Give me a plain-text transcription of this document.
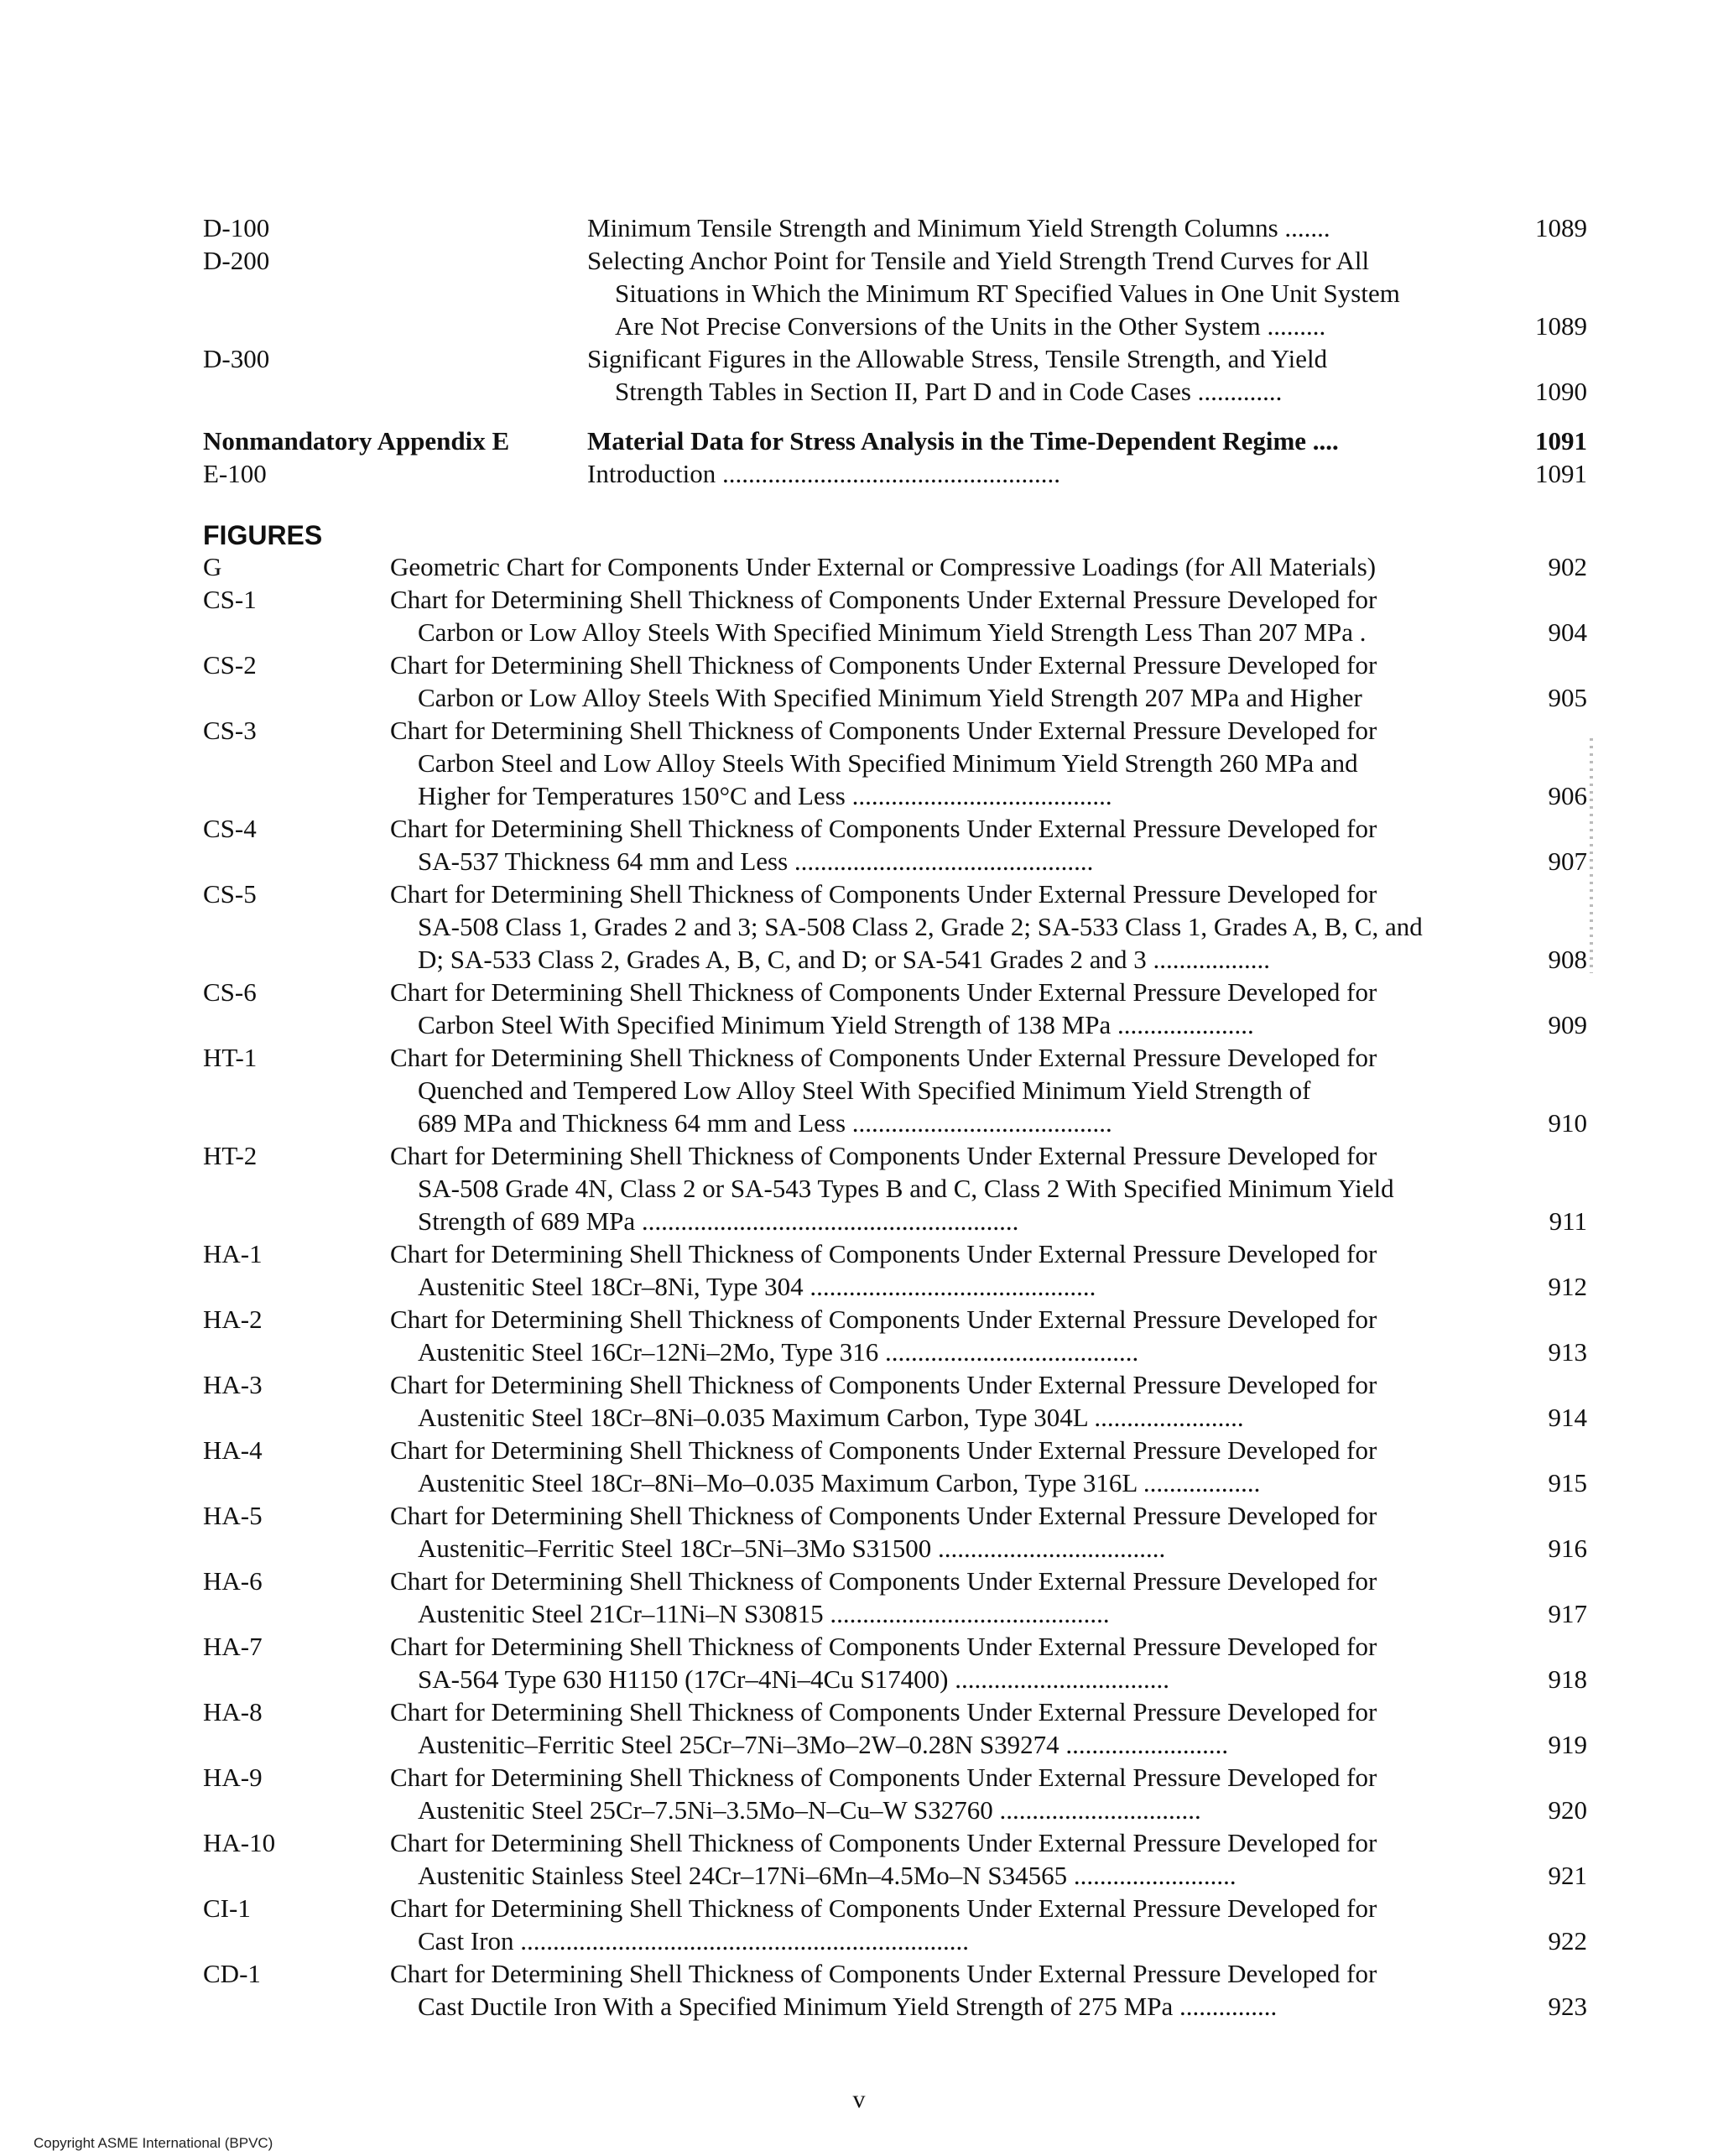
D-100	Minimum Tensile Strength and Minimum Yield Strength Columns .......	1089
D-200	Selecting Anchor Point for Tensile and Yield Strength Trend Curves for All
Situations in Which the Minimum RT Specified Values in One Unit System
Are Not Precise Conversions of the Units in the Other System .........	1089
D-300	Significant Figures in the Allowable Stress, Tensile Strength, and Yield
Strength Tables in Section II, Part D and in Code Cases .............	1090
Nonmandatory Appendix E	Material Data for Stress Analysis in the Time-Dependent Regime ....	1091
E-100	Introduction ....................................................	1091
FIGURES
G	Geometric Chart for Components Under External or Compressive Loadings (for All Materials)	902
CS-1	Chart for Determining Shell Thickness of Components Under External Pressure Developed for
Carbon or Low Alloy Steels With Specified Minimum Yield Strength Less Than 207 MPa .	904
CS-2	Chart for Determining Shell Thickness of Components Under External Pressure Developed for
Carbon or Low Alloy Steels With Specified Minimum Yield Strength 207 MPa and Higher	905
CS-3	Chart for Determining Shell Thickness of Components Under External Pressure Developed for
Carbon Steel and Low Alloy Steels With Specified Minimum Yield Strength 260 MPa and
Higher for Temperatures 150°C and Less ........................................	906
CS-4	Chart for Determining Shell Thickness of Components Under External Pressure Developed for
SA-537 Thickness 64 mm and Less ..............................................	907
CS-5	Chart for Determining Shell Thickness of Components Under External Pressure Developed for
SA-508 Class 1, Grades 2 and 3; SA-508 Class 2, Grade 2; SA-533 Class 1, Grades A, B, C, and
D; SA-533 Class 2, Grades A, B, C, and D; or SA-541 Grades 2 and 3 ..................	908
CS-6	Chart for Determining Shell Thickness of Components Under External Pressure Developed for
Carbon Steel With Specified Minimum Yield Strength of 138 MPa .....................	909
HT-1	Chart for Determining Shell Thickness of Components Under External Pressure Developed for
Quenched and Tempered Low Alloy Steel With Specified Minimum Yield Strength of
689 MPa and Thickness 64 mm and Less ........................................	910
HT-2	Chart for Determining Shell Thickness of Components Under External Pressure Developed for
SA-508 Grade 4N, Class 2 or SA-543 Types B and C, Class 2 With Specified Minimum Yield
Strength of 689 MPa ..........................................................	911
HA-1	Chart for Determining Shell Thickness of Components Under External Pressure Developed for
Austenitic Steel 18Cr–8Ni, Type 304 ............................................	912
HA-2	Chart for Determining Shell Thickness of Components Under External Pressure Developed for
Austenitic Steel 16Cr–12Ni–2Mo, Type 316 .......................................	913
HA-3	Chart for Determining Shell Thickness of Components Under External Pressure Developed for
Austenitic Steel 18Cr–8Ni–0.035 Maximum Carbon, Type 304L .......................	914
HA-4	Chart for Determining Shell Thickness of Components Under External Pressure Developed for
Austenitic Steel 18Cr–8Ni–Mo–0.035 Maximum Carbon, Type 316L ..................	915
HA-5	Chart for Determining Shell Thickness of Components Under External Pressure Developed for
Austenitic–Ferritic Steel 18Cr–5Ni–3Mo S31500 ...................................	916
HA-6	Chart for Determining Shell Thickness of Components Under External Pressure Developed for
Austenitic Steel 21Cr–11Ni–N S30815 ...........................................	917
HA-7	Chart for Determining Shell Thickness of Components Under External Pressure Developed for
SA-564 Type 630 H1150 (17Cr–4Ni–4Cu S17400) .................................	918
HA-8	Chart for Determining Shell Thickness of Components Under External Pressure Developed for
Austenitic–Ferritic Steel 25Cr–7Ni–3Mo–2W–0.28N S39274 .........................	919
HA-9	Chart for Determining Shell Thickness of Components Under External Pressure Developed for
Austenitic Steel 25Cr–7.5Ni–3.5Mo–N–Cu–W S32760 ...............................	920
HA-10	Chart for Determining Shell Thickness of Components Under External Pressure Developed for
Austenitic Stainless Steel 24Cr–17Ni–6Mn–4.5Mo–N S34565 .........................	921
CI-1	Chart for Determining Shell Thickness of Components Under External Pressure Developed for
Cast Iron .....................................................................	922
CD-1	Chart for Determining Shell Thickness of Components Under External Pressure Developed for
Cast Ductile Iron With a Specified Minimum Yield Strength of 275 MPa ...............	923
v
Copyright ASME International (BPVC)
